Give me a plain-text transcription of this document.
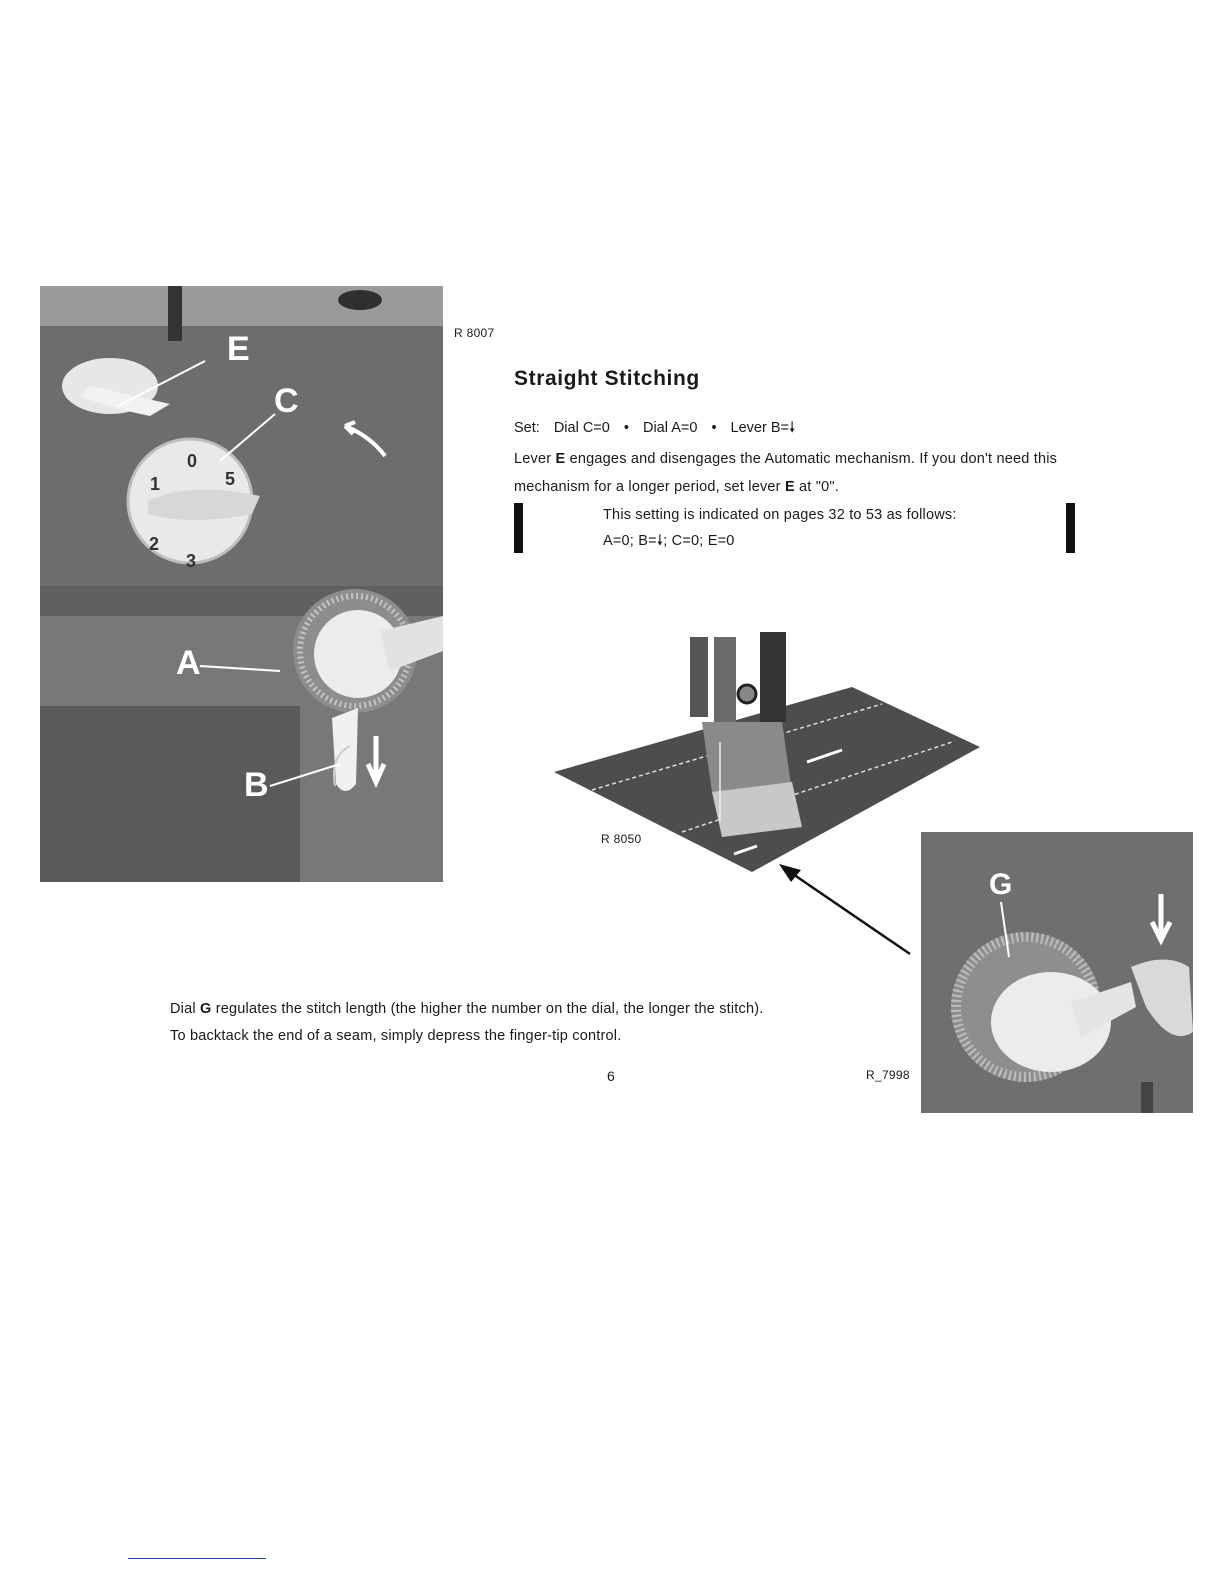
E
C
A
B
0
5
3
2
1
R 8007
Straight Stitching
Set: Dial C=0 • Dial A=0 • Lever B=🠗
Lever E engages and disengages the Automatic mechanism. If you don't need this mechanism for a longer period, set lever E at "0".
This setting is indicated on pages 32 to 53 as follows:
A=0; B=🠗; C=0; E=0
R 8050
G
R_7998
Dial G regulates the stitch length (the higher the number on the dial, the longer the stitch).
To backtack the end of a seam, simply depress the finger-tip control.
6
